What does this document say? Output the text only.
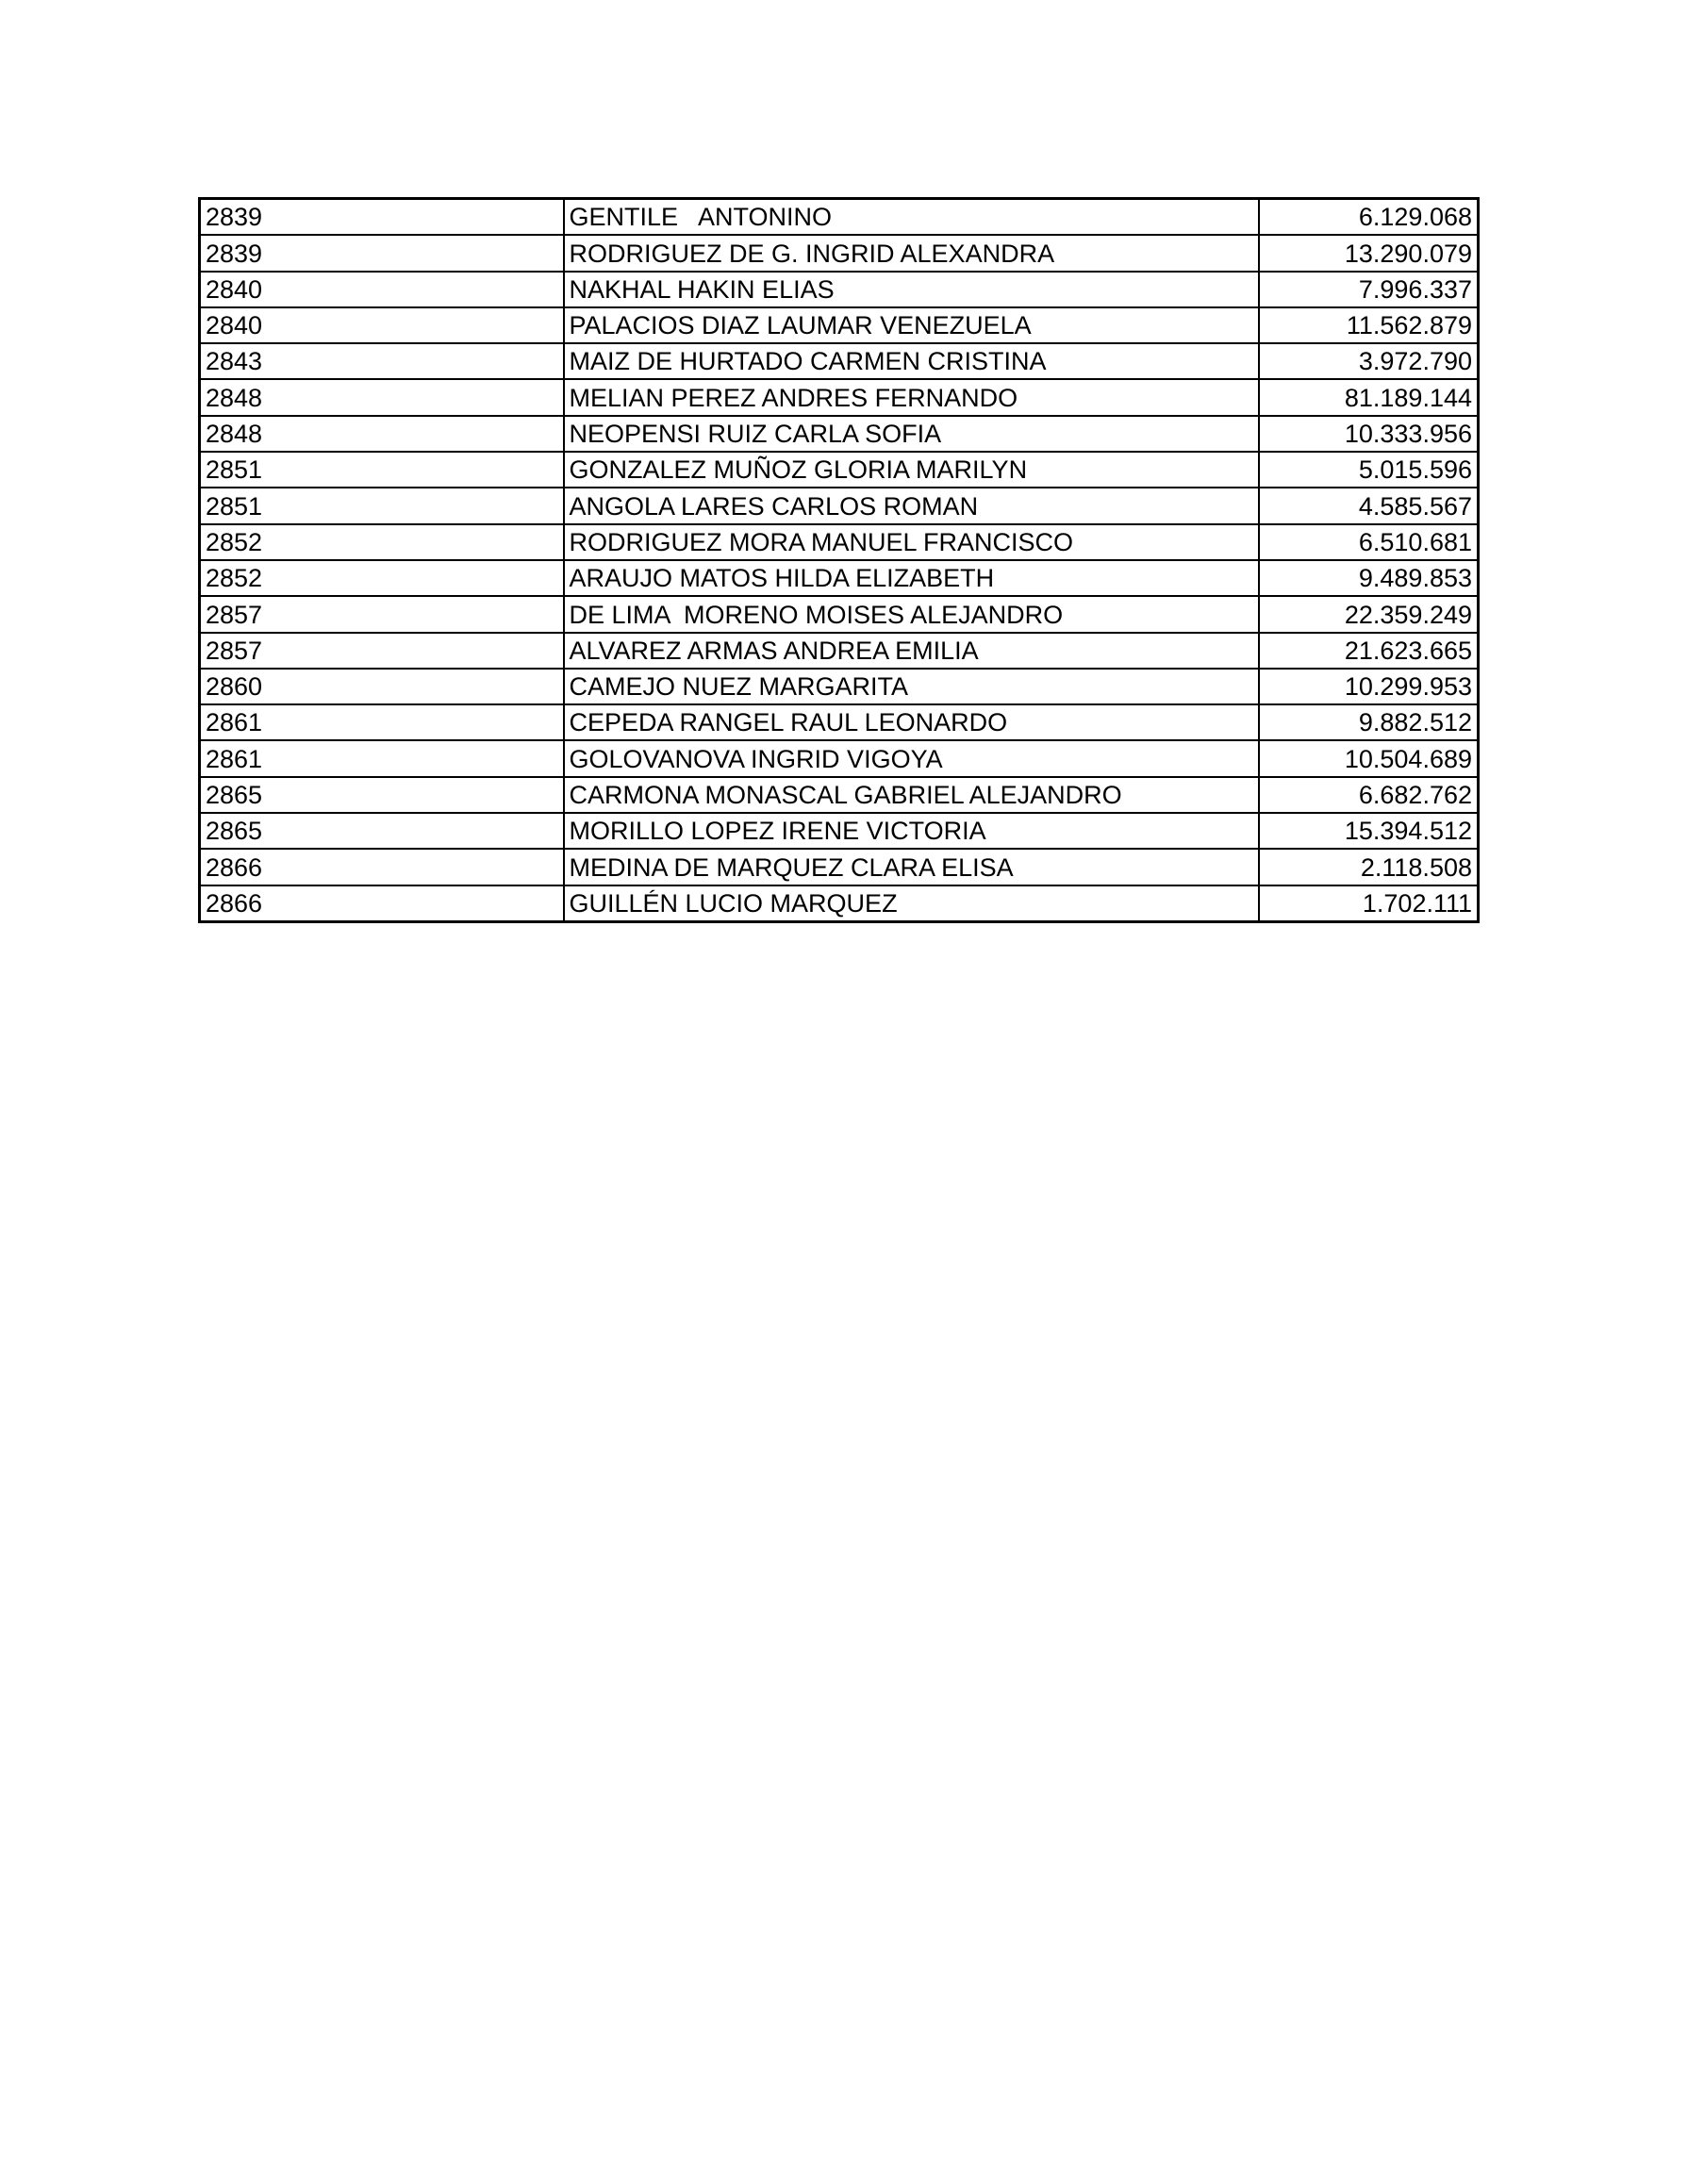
2839	GENTILE   ANTONINO	6.129.068
2839	RODRIGUEZ DE G. INGRID ALEXANDRA	13.290.079
2840	NAKHAL HAKIN ELIAS	7.996.337
2840	PALACIOS DIAZ LAUMAR VENEZUELA	11.562.879
2843	MAIZ DE HURTADO CARMEN CRISTINA	3.972.790
2848	MELIAN PEREZ ANDRES FERNANDO	81.189.144
2848	NEOPENSI RUIZ CARLA SOFIA	10.333.956
2851	GONZALEZ MUÑOZ GLORIA MARILYN	5.015.596
2851	ANGOLA LARES CARLOS ROMAN	4.585.567
2852	RODRIGUEZ MORA MANUEL FRANCISCO	6.510.681
2852	ARAUJO MATOS HILDA ELIZABETH	9.489.853
2857	DE LIMA  MORENO MOISES ALEJANDRO	22.359.249
2857	ALVAREZ ARMAS ANDREA EMILIA	21.623.665
2860	CAMEJO NUEZ MARGARITA	10.299.953
2861	CEPEDA RANGEL RAUL LEONARDO	9.882.512
2861	GOLOVANOVA INGRID VIGOYA	10.504.689
2865	CARMONA MONASCAL GABRIEL ALEJANDRO	6.682.762
2865	MORILLO LOPEZ IRENE VICTORIA	15.394.512
2866	MEDINA DE MARQUEZ CLARA ELISA	2.118.508
2866	GUILLÉN LUCIO MARQUEZ	1.702.111
